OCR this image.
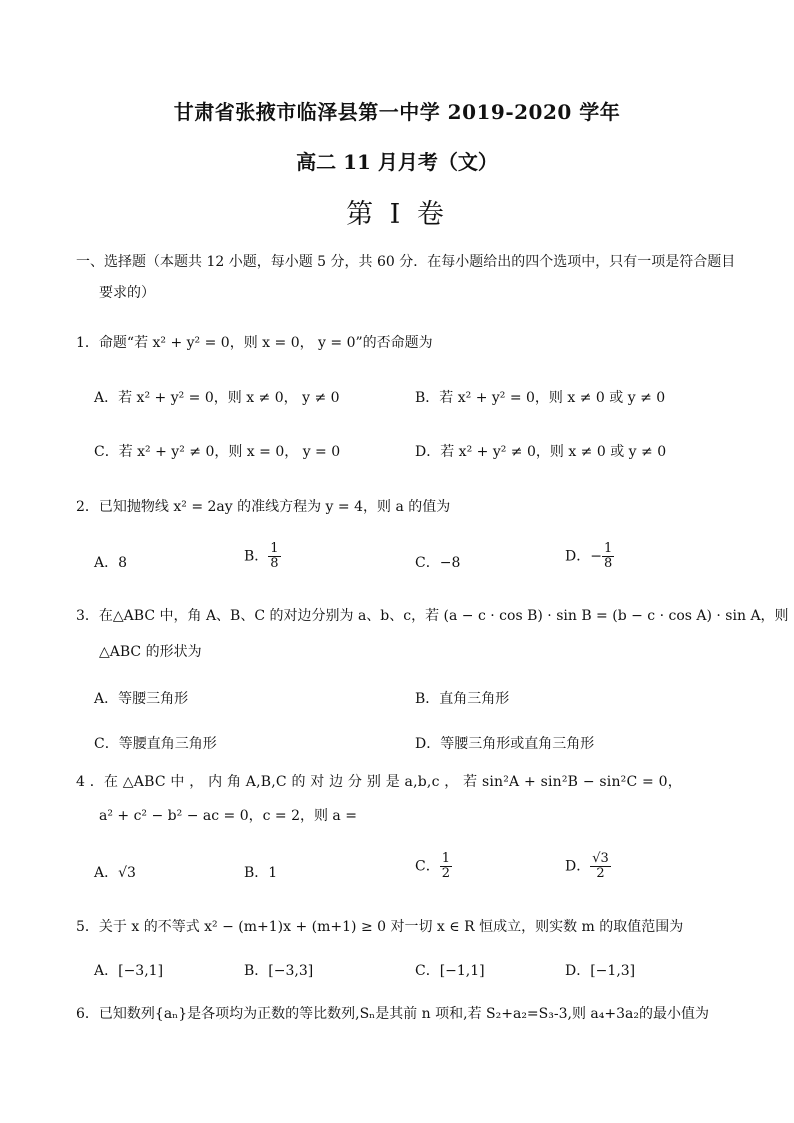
甘肃省张掖市临泽县第一中学 2019-2020 学年
高二 11 月月考（文）
第 I 卷
一、选择题（本题共 12 小题，每小题 5 分，共 60 分．在每小题给出的四个选项中，只有一项是符合题目
要求的）
1．命题“若 x² + y² = 0，则 x = 0， y = 0”的否命题为
A．若 x² + y² = 0，则 x ≠ 0， y ≠ 0	B．若 x² + y² = 0，则 x ≠ 0 或 y ≠ 0
C．若 x² + y² ≠ 0，则 x = 0， y = 0	D．若 x² + y² ≠ 0，则 x ≠ 0 或 y ≠ 0
2．已知抛物线 x² = 2ay 的准线方程为 y = 4，则 a 的值为
A．8	B． $\frac{1}{8}$	C．−8	D．− $\frac{1}{8}$
3．在△ABC 中，角 A、B、C 的对边分别为 a、b、c，若 (a − c · cos B) · sin B = (b − c · cos A) · sin A，则
△ABC 的形状为
A．等腰三角形	B．直角三角形
C．等腰直角三角形	D．等腰三角形或直角三角形
4 ．在 △ABC 中 ， 内 角 A,B,C 的 对 边 分 别 是 a,b,c ， 若 sin²A + sin²B − sin²C = 0，
a² + c² − b² − ac = 0，c = 2，则 a =
A．√3	B．1	C． $\frac{1}{2}$	D． $\frac{√3}{2}$
5．关于 x 的不等式 x² − (m+1)x + (m+1) ≥ 0 对一切 x ∈ R 恒成立，则实数 m 的取值范围为
A．[−3,1]	B．[−3,3]	C．[−1,1]	D．[−1,3]
6．已知数列{aₙ}是各项均为正数的等比数列,Sₙ是其前 n 项和,若 S₂+a₂=S₃-3,则 a₄+3a₂的最小值为
